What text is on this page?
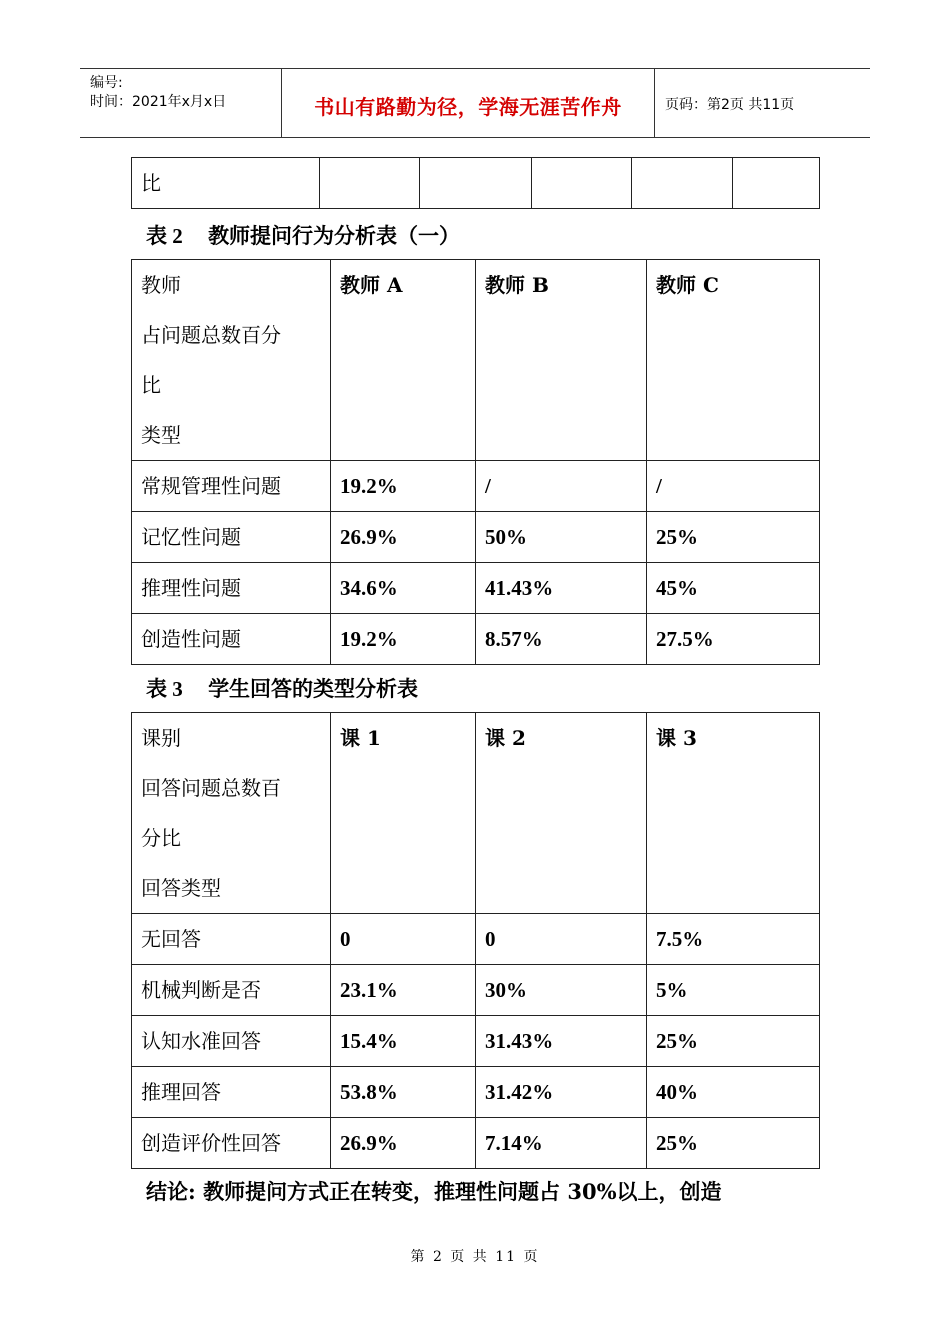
编号:
时间：2021年x月x日	书山有路勤为径，学海无涯苦作舟	页码：第2页 共11页
比					
表 2 教师提问行为分析表（一）
教师
占问题总数百分
比
类型	教师 A	教师 B	教师 C
常规管理性问题	19.2%	/	/
记忆性问题	26.9%	50%	25%
推理性问题	34.6%	41.43%	45%
创造性问题	19.2%	8.57%	27.5%
表 3 学生回答的类型分析表
课别
回答问题总数百
分比
回答类型	课 1	课 2	课 3
无回答	0	0	7.5%
机械判断是否	23.1%	30%	5%
认知水准回答	15.4%	31.43%	25%
推理回答	53.8%	31.42%	40%
创造评价性回答	26.9%	7.14%	25%
结论: 教师提问方式正在转变，推理性问题占 30%以上，创造
第 2 页 共 11 页
